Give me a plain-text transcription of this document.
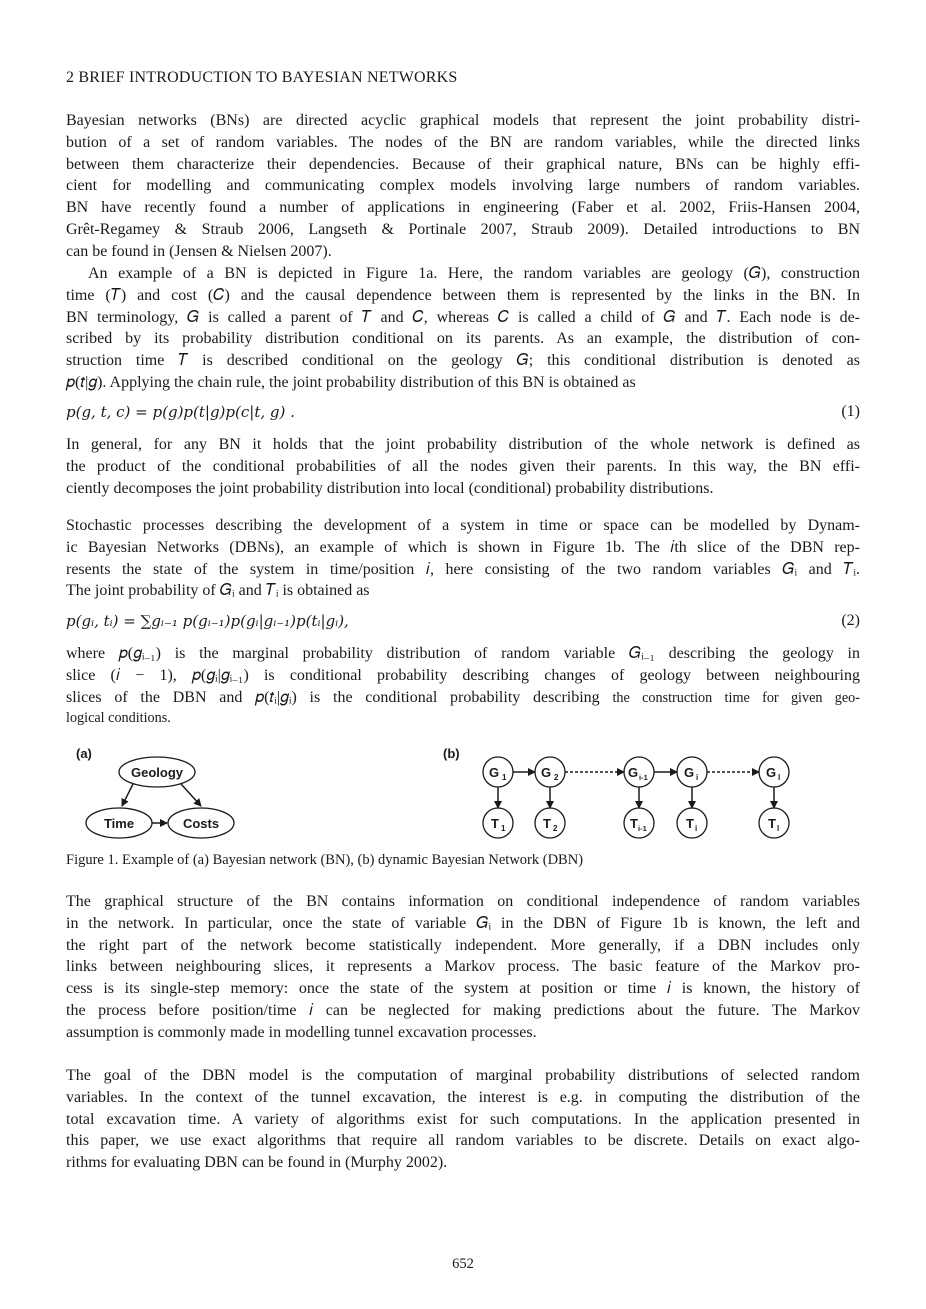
2 BRIEF INTRODUCTION TO BAYESIAN NETWORKS
Bayesian networks (BNs) are directed acyclic graphical models that represent the joint probability distri-
bution of a set of random variables. The nodes of the BN are random variables, while the directed links
between them characterize their dependencies. Because of their graphical nature, BNs can be highly effi-
cient for modelling and communicating complex models involving large numbers of random variables.
BN have recently found a number of applications in engineering (Faber et al. 2002, Friis-Hansen 2004,
Grêt-Regamey & Straub 2006, Langseth & Portinale 2007, Straub 2009). Detailed introductions to BN
can be found in (Jensen & Nielsen 2007).
An example of a BN is depicted in Figure 1a. Here, the random variables are geology (𝐺), construction
time (𝑇) and cost (𝐶) and the causal dependence between them is represented by the links in the BN. In
BN terminology, 𝐺 is called a parent of 𝑇 and 𝐶, whereas 𝐶 is called a child of 𝐺 and 𝑇. Each node is de-
scribed by its probability distribution conditional on its parents. As an example, the distribution of con-
struction time 𝑇 is described conditional on the geology 𝐺; this conditional distribution is denoted as
𝑝(𝑡|𝑔). Applying the chain rule, the joint probability distribution of this BN is obtained as
𝑝(𝑔, 𝑡, 𝑐) = 𝑝(𝑔)𝑝(𝑡|𝑔)𝑝(𝑐|𝑡, 𝑔) .	(1)
In general, for any BN it holds that the joint probability distribution of the whole network is defined as
the product of the conditional probabilities of all the nodes given their parents. In this way, the BN effi-
ciently decomposes the joint probability distribution into local (conditional) probability distributions.
Stochastic processes describing the development of a system in time or space can be modelled by Dynam-
ic Bayesian Networks (DBNs), an example of which is shown in Figure 1b. The 𝑖th slice of the DBN rep-
resents the state of the system in time/position 𝑖, here consisting of the two random variables 𝐺ᵢ and 𝑇ᵢ.
The joint probability of 𝐺ᵢ and 𝑇ᵢ is obtained as
𝑝(𝑔ᵢ, 𝑡ᵢ) = ∑𝑔ᵢ₋₁ 𝑝(𝑔ᵢ₋₁)𝑝(𝑔ᵢ|𝑔ᵢ₋₁)𝑝(𝑡ᵢ|𝑔ᵢ),	(2)
where 𝑝(𝑔ᵢ₋₁) is the marginal probability distribution of random variable 𝐺ᵢ₋₁ describing the geology in
slice (𝑖 − 1), 𝑝(𝑔ᵢ|𝑔ᵢ₋₁) is conditional probability describing changes of geology between neighbouring
slices of the DBN and 𝑝(𝑡ᵢ|𝑔ᵢ) is the conditional probability describing the construction time for given geo-
logical conditions.
(a)
Geology
Time	Costs
(b)
G 1	G 2	G i-1	G i	G l
T 1	T 2	T i-1	T i	T l
Figure 1. Example of (a) Bayesian network (BN), (b) dynamic Bayesian Network (DBN)
The graphical structure of the BN contains information on conditional independence of random variables
in the network. In particular, once the state of variable 𝐺ᵢ in the DBN of Figure 1b is known, the left and
the right part of the network become statistically independent. More generally, if a DBN includes only
links between neighbouring slices, it represents a Markov process. The basic feature of the Markov pro-
cess is its single-step memory: once the state of the system at position or time 𝑖 is known, the history of
the process before position/time 𝑖 can be neglected for making predictions about the future. The Markov
assumption is commonly made in modelling tunnel excavation processes.
The goal of the DBN model is the computation of marginal probability distributions of selected random
variables. In the context of the tunnel excavation, the interest is e.g. in computing the distribution of the
total excavation time. A variety of algorithms exist for such computations. In the application presented in
this paper, we use exact algorithms that require all random variables to be discrete. Details on exact algo-
rithms for evaluating DBN can be found in (Murphy 2002).
652
